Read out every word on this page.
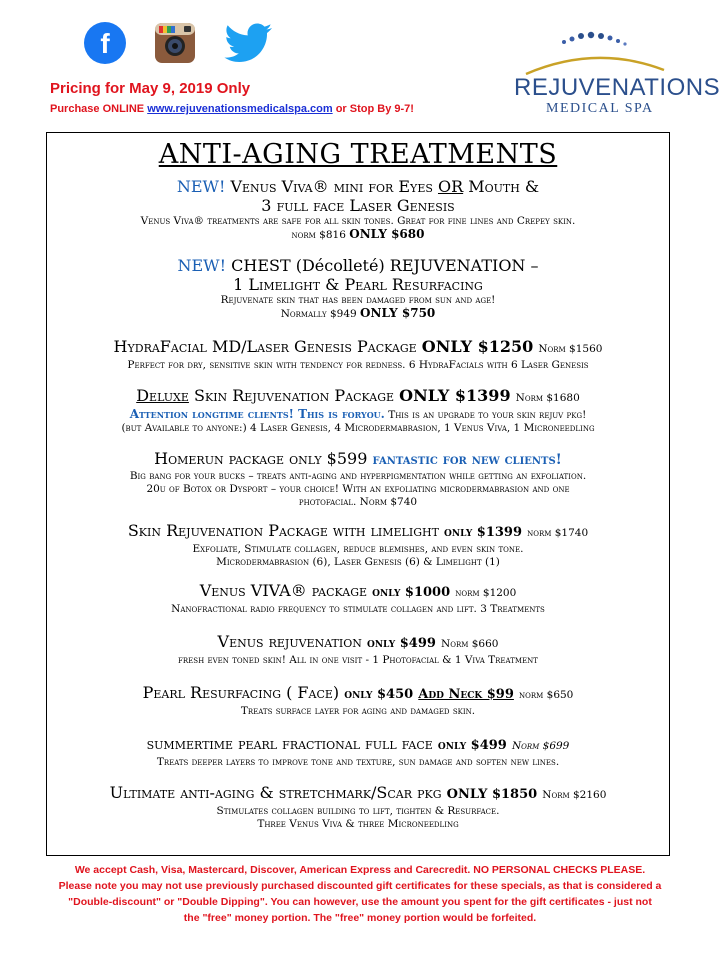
f
Pricing for May 9, 2019 Only
Purchase ONLINE www.rejuvenationsmedicalspa.com or Stop By 9-7!
REJUVENATIONS
MEDICAL SPA
ANTI-AGING TREATMENTS
NEW! Venus Viva® mini for Eyes OR Mouth &
3 full face Laser Genesis
Venus Viva® treatments are safe for all skin tones. Great for fine lines and Crepey skin.
norm $816 ONLY $680
NEW! CHEST (Décolleté) REJUVENATION –
1 Limelight & Pearl Resurfacing
Rejuvenate skin that has been damaged from sun and age!
Normally $949 ONLY $750
HydraFacial MD/Laser Genesis Package ONLY $1250 Norm $1560
Perfect for dry, sensitive skin with tendency for redness. 6 HydraFacials with 6 Laser Genesis
Deluxe Skin Rejuvenation Package ONLY $1399 Norm $1680
Attention longtime clients! This is foryou. This is an upgrade to your skin rejuv pkg!
(but Available to anyone:) 4 Laser Genesis, 4 Microdermabrasion, 1 Venus Viva, 1 Microneedling
Homerun package only $599 fantastic for new clients!
Big bang for your bucks – treats anti-aging and hyperpigmentation while getting an exfoliation.
20u of Botox or Dysport – your choice! With an exfoliating microdermabrasion and one
photofacial. Norm $740
Skin Rejuvenation Package with limelight only $1399 norm $1740
Exfoliate, Stimulate collagen, reduce blemishes, and even skin tone.
Microdermabrasion (6), Laser Genesis (6) & Limelight (1)
Venus VIVA® package only $1000 norm $1200
Nanofractional radio frequency to stimulate collagen and lift. 3 Treatments
Venus rejuvenation only $499 Norm $660
fresh even toned skin! All in one visit - 1 Photofacial & 1 Viva Treatment
Pearl Resurfacing ( Face) only $450 Add Neck $99 norm $650
Treats surface layer for aging and damaged skin.
summertime pearl fractional full face only $499 Norm $699
Treats deeper layers to improve tone and texture, sun damage and soften new lines.
Ultimate anti-aging & stretchmark/Scar pkg ONLY $1850 Norm $2160
Stimulates collagen building to lift, tighten & Resurface.
Three Venus Viva & three Microneedling
We accept Cash, Visa, Mastercard, Discover, American Express and Carecredit. NO PERSONAL CHECKS PLEASE.
Please note you may not use previously purchased discounted gift certificates for these specials, as that is considered a
"Double-discount" or "Double Dipping". You can however, use the amount you spent for the gift certificates - just not
the "free" money portion. The "free" money portion would be forfeited.
